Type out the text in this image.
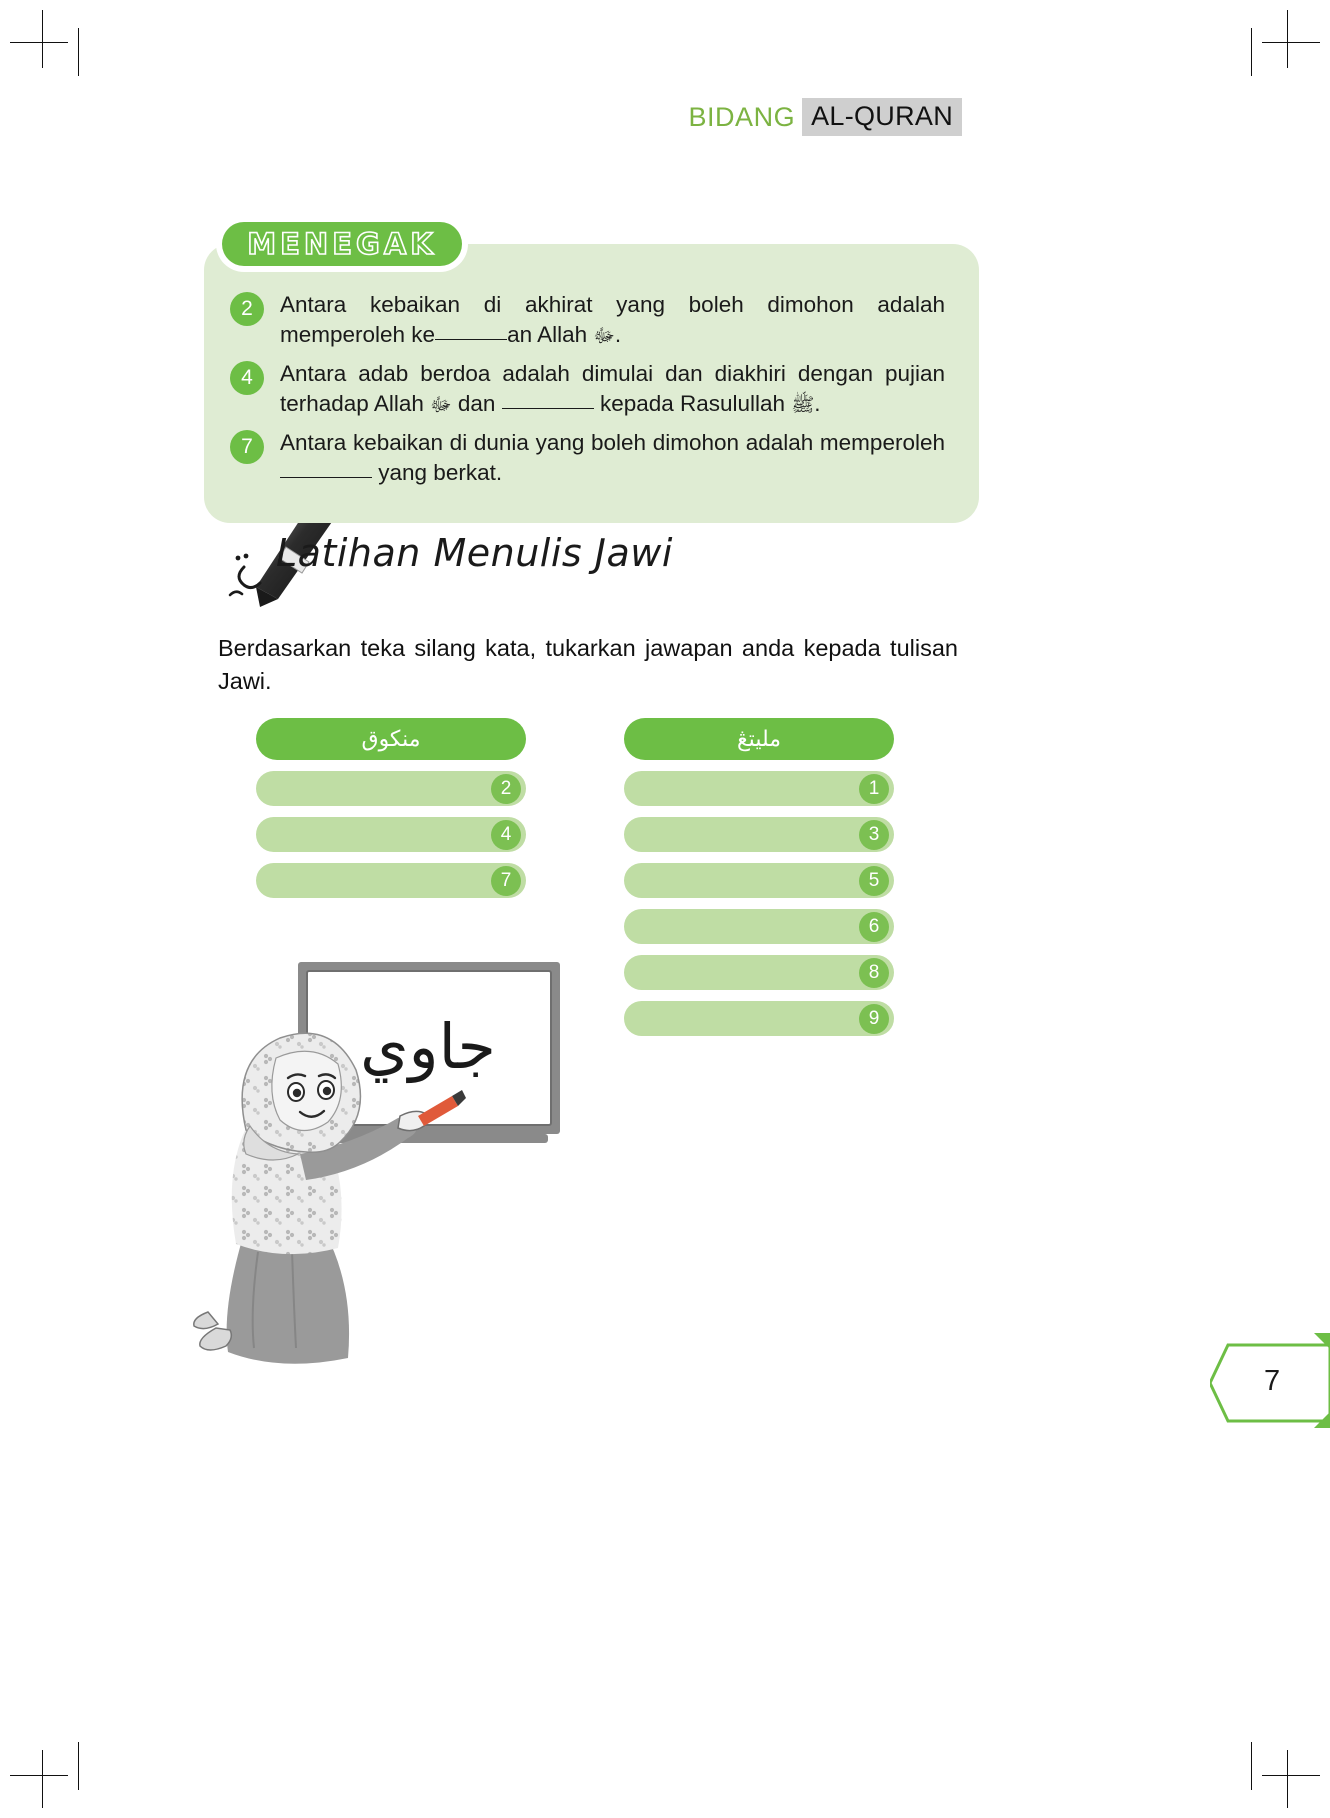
BIDANG AL-QURAN
MENEGAK
2	Antara kebaikan di akhirat yang boleh dimohon adalah memperoleh ke	an Allah ﷻ.
4	Antara adab berdoa adalah dimulai dan diakhiri dengan pujian terhadap Allah ﷻ dan	kepada Rasulullah ﷺ.
7	Antara kebaikan di dunia yang boleh dimohon adalah memperoleh  yang berkat.
Latihan Menulis Jawi
Berdasarkan teka silang kata, tukarkan jawapan anda kepada tulisan Jawi.
منكوق
2
4
7
مليتڠ
1
3
5
6
8
9
جاوي
7
